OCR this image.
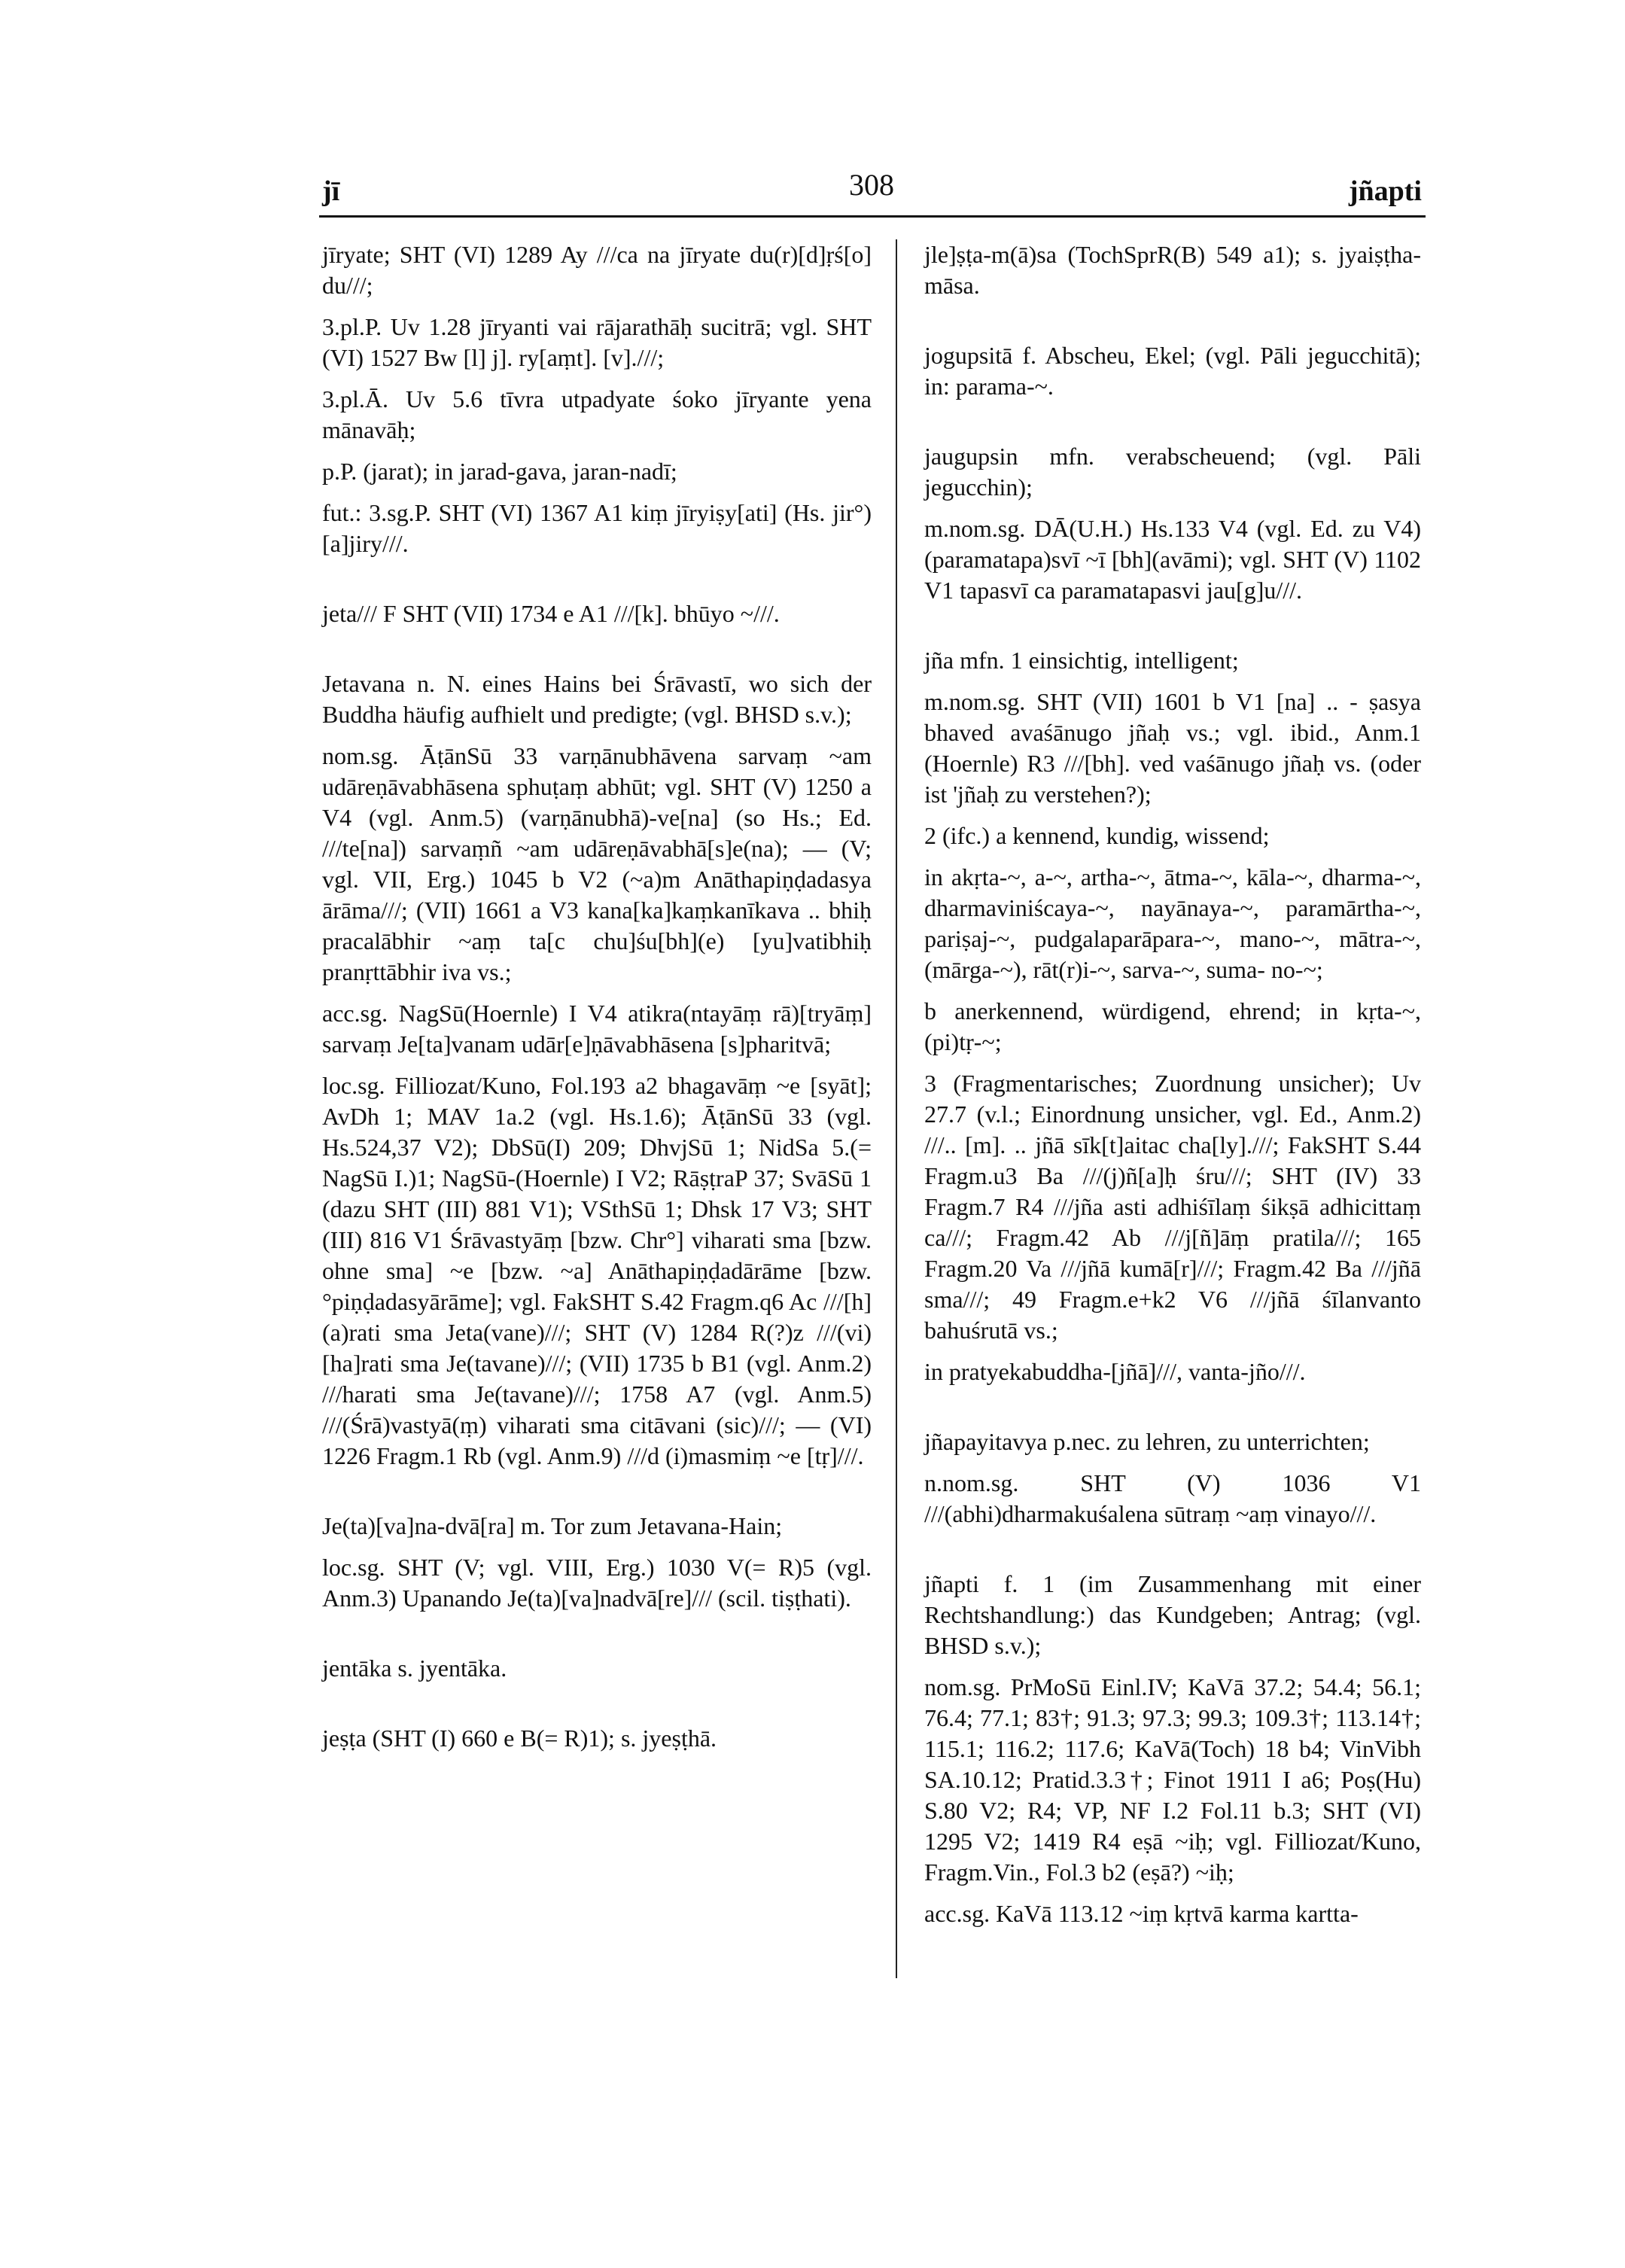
jī	308	jñapti

jīryate; SHT (VI) 1289 Ay ///ca na jīryate du(r)[d]ṛś[o] du///;

3.pl.P. Uv 1.28 jīryanti vai rājarathāḥ sucitrā; vgl. SHT (VI) 1527 Bw [l] j]. ry[aṃt]. [v].///;

3.pl.Ā. Uv 5.6 tīvra utpadyate śoko jīryante yena mānavāḥ;

p.P. (jarat); in jarad-gava, jaran-nadī;

fut.: 3.sg.P. SHT (VI) 1367 A1 kiṃ jīryiṣy[ati] (Hs. jir°) [a]jiry///.

jeta/// F SHT (VII) 1734 e A1 ///[k]. bhūyo ~///.

Jetavana n. N. eines Hains bei Śrāvastī, wo sich der Buddha häufig aufhielt und predigte; (vgl. BHSD s.v.);

nom.sg. ĀṭānSū 33 varṇānubhāvena sarvaṃ ~am udāreṇāvabhāsena sphuṭaṃ abhūt; vgl. SHT (V) 1250 a V4 (vgl. Anm.5) (varṇānubhā)-ve[na] (so Hs.; Ed. ///te[na]) sarvaṃñ ~am udāreṇāvabhā[s]e(na); — (V; vgl. VII, Erg.) 1045 b V2 (~a)m Anāthapiṇḍadasya ārāma///; (VII) 1661 a V3 kana[ka]kaṃkanīkava .. bhiḥ pracalābhir ~aṃ ta[c chu]śu[bh](e) [yu]vatibhiḥ pranṛttābhir iva vs.;

acc.sg. NagSū(Hoernle) I V4 atikra(ntayāṃ rā)[tryāṃ] sarvaṃ Je[ta]vanam udār[e]ṇāvabhāsena [s]pharitvā;

loc.sg. Filliozat/Kuno, Fol.193 a2 bhagavāṃ ~e [syāt]; AvDh 1; MAV 1a.2 (vgl. Hs.1.6); ĀṭānSū 33 (vgl. Hs.524,37 V2); DbSū(I) 209; DhvjSū 1; NidSa 5.(= NagSū I.)1; NagSū-(Hoernle) I V2; RāṣṭraP 37; SvāSū 1 (dazu SHT (III) 881 V1); VSthSū 1; Dhsk 17 V3; SHT (III) 816 V1 Śrāvastyāṃ [bzw. Chr°] viharati sma [bzw. ohne sma] ~e [bzw. ~a] Anāthapiṇḍadārāme [bzw. °piṇḍadasyārāme]; vgl. FakSHT S.42 Fragm.q6 Ac ///[h](a)rati sma Jeta(vane)///; SHT (V) 1284 R(?)z ///(vi)[ha]rati sma Je(tavane)///; (VII) 1735 b B1 (vgl. Anm.2) ///harati sma Je(tavane)///; 1758 A7 (vgl. Anm.5) ///(Śrā)vastyā(ṃ) viharati sma citāvani (sic)///; — (VI) 1226 Fragm.1 Rb (vgl. Anm.9) ///d (i)masmiṃ ~e [tṛ]///.

Je(ta)[va]na-dvā[ra] m. Tor zum Jetavana-Hain;

loc.sg. SHT (V; vgl. VIII, Erg.) 1030 V(= R)5 (vgl. Anm.3) Upanando Je(ta)[va]nadvā[re]/// (scil. tiṣṭhati).

jentāka s. jyentāka.

jeṣṭa (SHT (I) 660 e B(= R)1); s. jyeṣṭhā.

jle]ṣṭa-m(ā)sa (TochSprR(B) 549 a1); s. jyaiṣṭha-māsa.

jogupsitā f. Abscheu, Ekel; (vgl. Pāli jegucchitā); in: parama-~.

jaugupsin mfn. verabscheuend; (vgl. Pāli jegucchin);

m.nom.sg. DĀ(U.H.) Hs.133 V4 (vgl. Ed. zu V4) (paramatapa)svī ~ī [bh](avāmi); vgl. SHT (V) 1102 V1 tapasvī ca paramatapasvi jau[g]u///.

jña mfn. 1 einsichtig, intelligent;

m.nom.sg. SHT (VII) 1601 b V1 [na] .. - ṣasya bhaved avaśānugo jñaḥ vs.; vgl. ibid., Anm.1 (Hoernle) R3 ///[bh]. ved vaśānugo jñaḥ vs. (oder ist 'jñaḥ zu verstehen?);

2 (ifc.) a kennend, kundig, wissend;

in akṛta-~, a-~, artha-~, ātma-~, kāla-~, dharma-~, dharmaviniścaya-~, nayānaya-~, paramārtha-~, pariṣaj-~, pudgalaparāpara-~, mano-~, mātra-~, (mārga-~), rāt(r)i-~, sarva-~, suma- no-~;

b anerkennend, würdigend, ehrend; in kṛta-~, (pi)tṛ-~;

3 (Fragmentarisches; Zuordnung unsicher); Uv 27.7 (v.l.; Einordnung unsicher, vgl. Ed., Anm.2) ///.. [m]. .. jñā sīk[t]aitac cha[ly].///; FakSHT S.44 Fragm.u3 Ba ///(j)ñ[a]ḥ śru///; SHT (IV) 33 Fragm.7 R4 ///jña asti adhiśīlaṃ śikṣā adhicittaṃ ca///; Fragm.42 Ab ///j[ñ]āṃ pratila///; 165 Fragm.20 Va ///jñā kumā[r]///; Fragm.42 Ba ///jñā sma///; 49 Fragm.e+k2 V6 ///jñā śīlanvanto bahuśrutā vs.;

in pratyekabuddha-[jñā]///, vanta-jño///.

jñapayitavya p.nec. zu lehren, zu unterrichten;

n.nom.sg. SHT (V) 1036 V1 ///(abhi)dharmakuśalena sūtraṃ ~aṃ vinayo///.

jñapti f. 1 (im Zusammenhang mit einer Rechtshandlung:) das Kundgeben; Antrag; (vgl. BHSD s.v.);

nom.sg. PrMoSū Einl.IV; KaVā 37.2; 54.4; 56.1; 76.4; 77.1; 83†; 91.3; 97.3; 99.3; 109.3†; 113.14†; 115.1; 116.2; 117.6; KaVā(Toch) 18 b4; VinVibh SA.10.12; Pratid.3.3†; Finot 1911 I a6; Poṣ(Hu) S.80 V2; R4; VP, NF I.2 Fol.11 b.3; SHT (VI) 1295 V2; 1419 R4 eṣā ~iḥ; vgl. Filliozat/Kuno, Fragm.Vin., Fol.3 b2 (eṣā?) ~iḥ;

acc.sg. KaVā 113.12 ~iṃ kṛtvā karma kartta-
